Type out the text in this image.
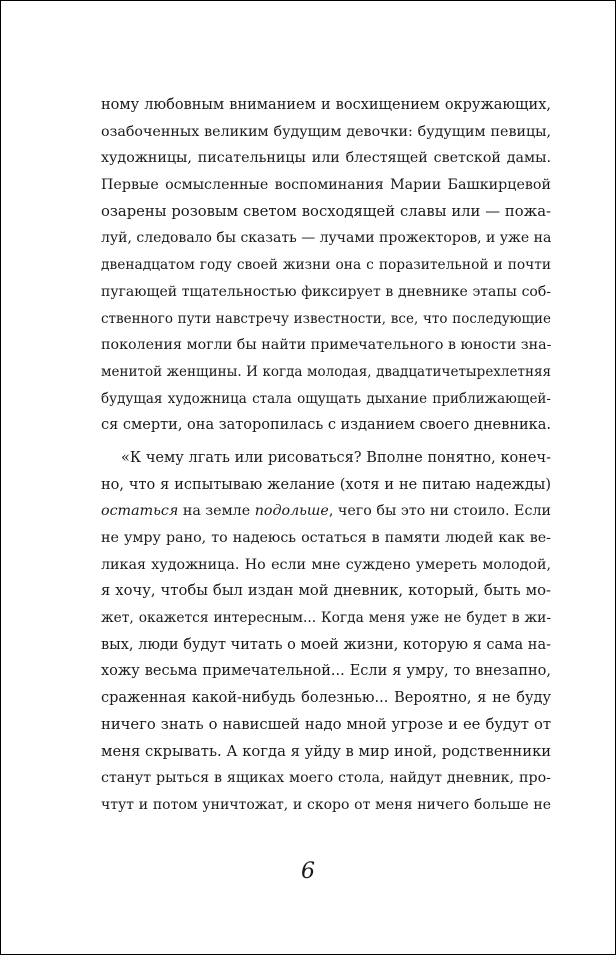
ному любовным вниманием и восхищением окружающих,
озабоченных великим будущим девочки: будущим певицы,
художницы, писательницы или блестящей светской дамы.
Первые осмысленные воспоминания Марии Башкирцевой
озарены розовым светом восходящей славы или — пожа-
луй, следовало бы сказать — лучами прожекторов, и уже на
двенадцатом году своей жизни она с поразительной и почти
пугающей тщательностью фиксирует в дневнике этапы соб-
ственного пути навстречу известности, все, что последующие
поколения могли бы найти примечательного в юности зна-
менитой женщины. И когда молодая, двадцатичетырехлетняя
будущая художница стала ощущать дыхание приближающей-
ся смерти, она заторопилась с изданием своего дневника.
«К чему лгать или рисоваться? Вполне понятно, конеч-
но, что я испытываю желание (хотя и не питаю надежды)
остаться на земле подольше, чего бы это ни стоило. Если
не умру рано, то надеюсь остаться в памяти людей как ве-
ликая художница. Но если мне суждено умереть молодой,
я хочу, чтобы был издан мой дневник, который, быть мо-
жет, окажется интересным... Когда меня уже не будет в жи-
вых, люди будут читать о моей жизни, которую я сама на-
хожу весьма примечательной... Если я умру, то внезапно,
сраженная какой-нибудь болезнью... Вероятно, я не буду
ничего знать о нависшей надо мной угрозе и ее будут от
меня скрывать. А когда я уйду в мир иной, родственники
станут рыться в ящиках моего стола, найдут дневник, про-
чтут и потом уничтожат, и скоро от меня ничего больше не
6
